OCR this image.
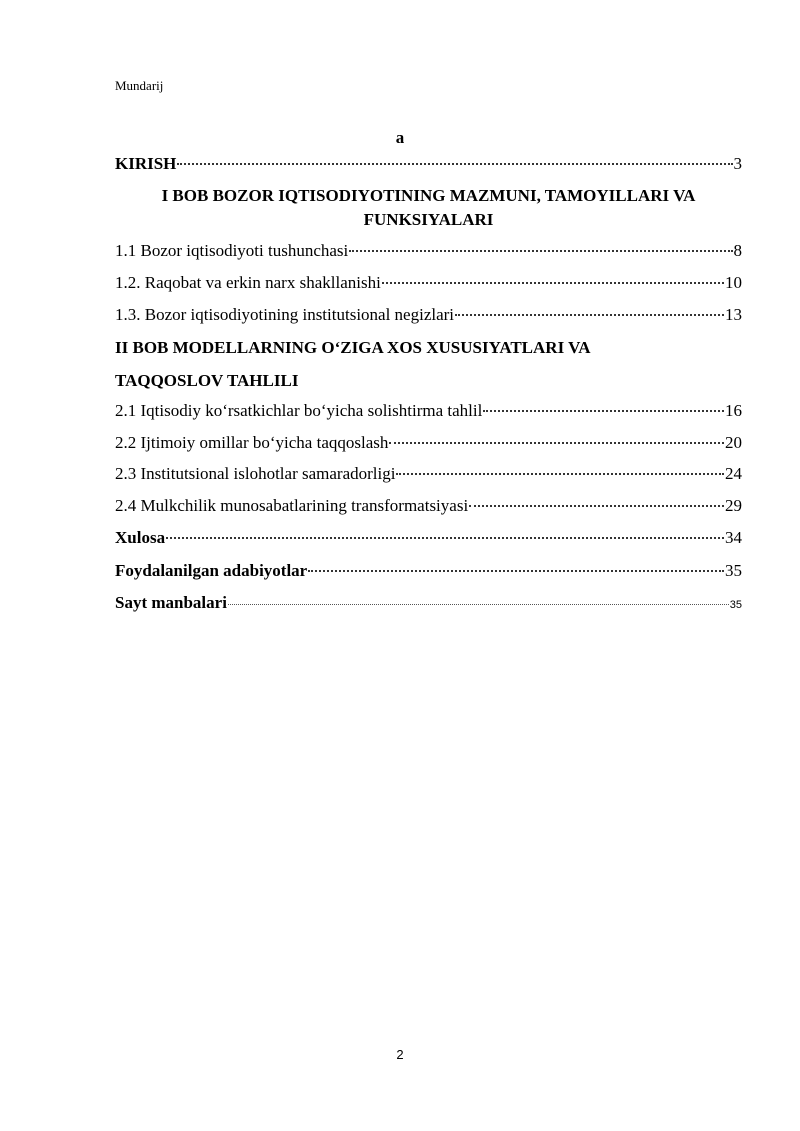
Mundarij
a
KIRISH	3
I BOB BOZOR IQTISODIYOTINING MAZMUNI, TAMOYILLARI VA
FUNKSIYALARI
1.1 Bozor iqtisodiyoti tushunchasi	8
1.2. Raqobat va erkin narx shakllanishi	10
1.3. Bozor iqtisodiyotining institutsional negizlari	13
II BOB MODELLARNING O‘ZIGA XOS XUSUSIYATLARI VA
TAQQOSLOV TAHLILI
2.1 Iqtisodiy ko‘rsatkichlar bo‘yicha solishtirma tahlil	16
2.2 Ijtimoiy omillar bo‘yicha taqqoslash	20
2.3 Institutsional islohotlar samaradorligi	24
2.4 Mulkchilik munosabatlarining transformatsiyasi	29
Xulosa	34
Foydalanilgan adabiyotlar	35
Sayt manbalari	35
2
